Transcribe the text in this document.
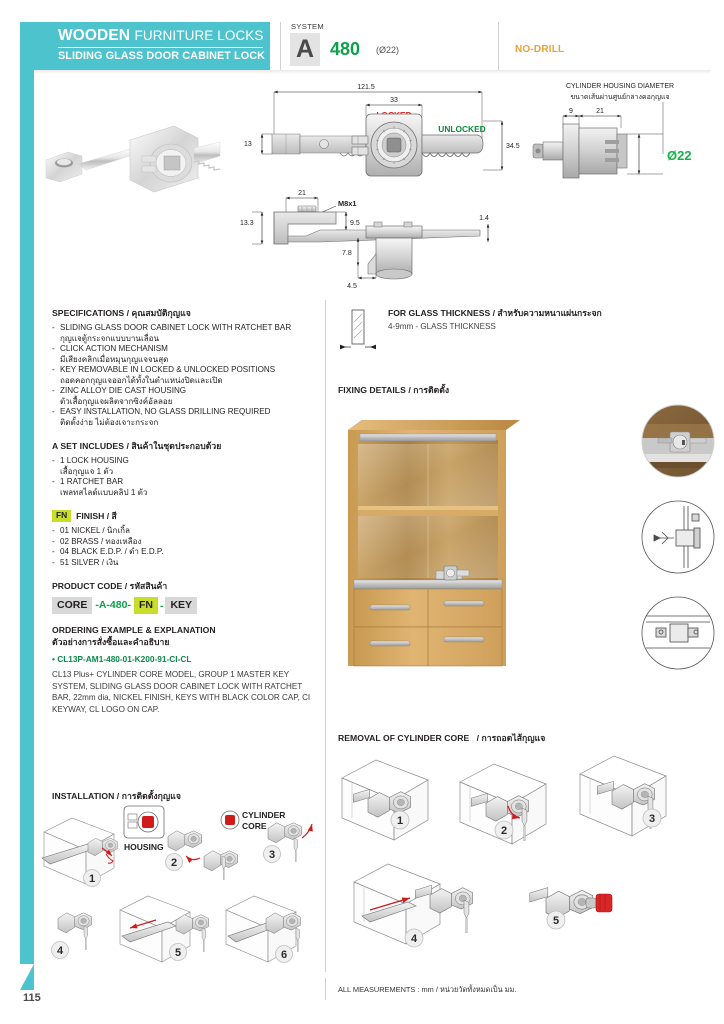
WOODEN FURNITURE LOCKS
SLIDING GLASS DOOR CABINET LOCK
SYSTEM
A 480 (Ø22)	NO-DRILL
121.5
33
UNLOCKED
34.5
13
21
M8x1
13.3	9.5
7.8
4.5
1.4
CYLINDER HOUSING DIAMETER
ขนาดเส้นผ่านศูนย์กลางคอกุญแจ
9	21
Ø22
SPECIFICATIONS / คุณสมบัติกุญแจ
- SLIDING GLASS DOOR CABINET LOCK WITH RATCHET BAR
กุญแจตู้กระจกแบบบานเลื่อน
- CLICK ACTION MECHANISM
มีเสียงคลิกเมื่อหมุนกุญแจจนสุด
- KEY REMOVABLE IN LOCKED & UNLOCKED POSITIONS
ถอดคอกกุญแจออกได้ทั้งในตำแหน่งปิดและเปิด
- ZINC ALLOY DIE CAST HOUSING
ตัวเสื้อกุญแจผลิตจากซิงค์อัลลอย
- EASY INSTALLATION, NO GLASS DRILLING REQUIRED
ติดตั้งง่าย ไม่ต้องเจาะกระจก
A SET INCLUDES / สินค้าในชุดประกอบด้วย
- 1 LOCK HOUSING
เสื้อกุญแจ 1 ตัว
- 1 RATCHET BAR
เพลทสไลด์แบบคลิป 1 ตัว
FN	FINISH / สี
- 01 NICKEL / นิกเกิ้ล
- 02 BRASS / ทองเหลือง
- 04 BLACK E.D.P. / ดำ E.D.P.
- 51 SILVER / เงิน
PRODUCT CODE / รหัสสินค้า
CORE -A-480- FN - KEY
ORDERING EXAMPLE & EXPLANATION
ตัวอย่างการสั่งซื้อและคำอธิบาย
• CL13P-AM1-480-01-K200-91-CI-CL
CL13 Plus+ CYLINDER CORE MODEL, GROUP 1 MASTER KEY SYSTEM, SLIDING GLASS DOOR CABINET LOCK WITH RATCHET BAR, 22mm dia, NICKEL FINISH, KEYS WITH BLACK COLOR CAP, CI KEYWAY, CL LOGO ON CAP.
FOR GLASS THICKNESS / สำหรับความหนาแผ่นกระจก
4-9mm - GLASS THICKNESS
FIXING DETAILS / การติดตั้ง
REMOVAL OF CYLINDER CORE   / การถอดไส้กุญแจ
1
2
3
4
5
INSTALLATION / การติดตั้งกุญแจ
1
HOUSING
2
CYLINDER
CORE
3
4	5	6
115
ALL MEASUREMENTS : mm / หน่วยวัดทั้งหมดเป็น มม.
